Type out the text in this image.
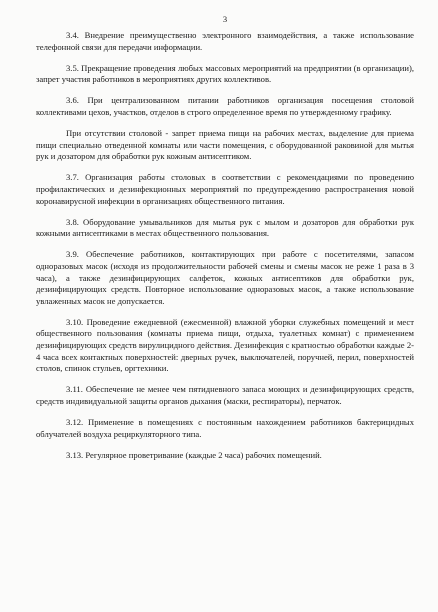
3

3.4. Внедрение преимущественно электронного взаимодействия, а также использование телефонной связи для передачи информации.

3.5. Прекращение проведения любых массовых мероприятий на предприятии (в организации), запрет участия работников в мероприятиях других коллективов.

3.6. При централизованном питании работников организация посещения столовой коллективами цехов, участков, отделов в строго определенное время по утвержденному графику.

При отсутствии столовой - запрет приема пищи на рабочих местах, выделение для приема пищи специально отведенной комнаты или части помещения, с оборудованной раковиной для мытья рук и дозатором для обработки рук кожным антисептиком.

3.7. Организация работы столовых в соответствии с рекомендациями по проведению профилактических и дезинфекционных мероприятий по предупреждению распространения новой коронавирусной инфекции в организациях общественного питания.

3.8. Оборудование умывальников для мытья рук с мылом и дозаторов для обработки рук кожными антисептиками в местах общественного пользования.

3.9. Обеспечение работников, контактирующих при работе с посетителями, запасом одноразовых масок (исходя из продолжительности рабочей смены и смены масок не реже 1 раза в 3 часа), а также дезинфицирующих салфеток, кожных антисептиков для обработки рук, дезинфицирующих средств. Повторное использование одноразовых масок, а также использование увлаженных масок не допускается.

3.10. Проведение ежедневной (ежесменной) влажной уборки служебных помещений и мест общественного пользования (комнаты приема пищи, отдыха, туалетных комнат) с применением дезинфицирующих средств вирулицидного действия. Дезинфекция с кратностью обработки каждые 2-4 часа всех контактных поверхностей: дверных ручек, выключателей, поручней, перил, поверхностей столов, спинок стульев, оргтехники.

3.11. Обеспечение не менее чем пятидневного запаса моющих и дезинфицирующих средств, средств индивидуальной защиты органов дыхания (маски, респираторы), перчаток.

3.12. Применение в помещениях с постоянным нахождением работников бактерицидных облучателей воздуха рециркуляторного типа.

3.13. Регулярное проветривание (каждые 2 часа) рабочих помещений.
